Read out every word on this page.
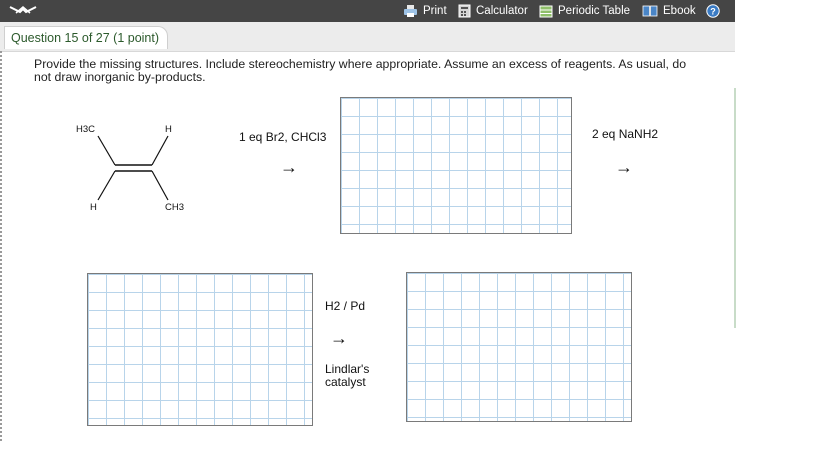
Print	Calculator	Periodic Table	Ebook ?
Question 15 of 27 (1 point)
Provide the missing structures. Include stereochemistry where appropriate. Assume an excess of reagents. As usual, do not draw inorganic by-products.
H3C	H
H	CH3
1 eq Br2, CHCl3
→
2 eq NaNH2
→
H2 / Pd
→
Lindlar's
catalyst
